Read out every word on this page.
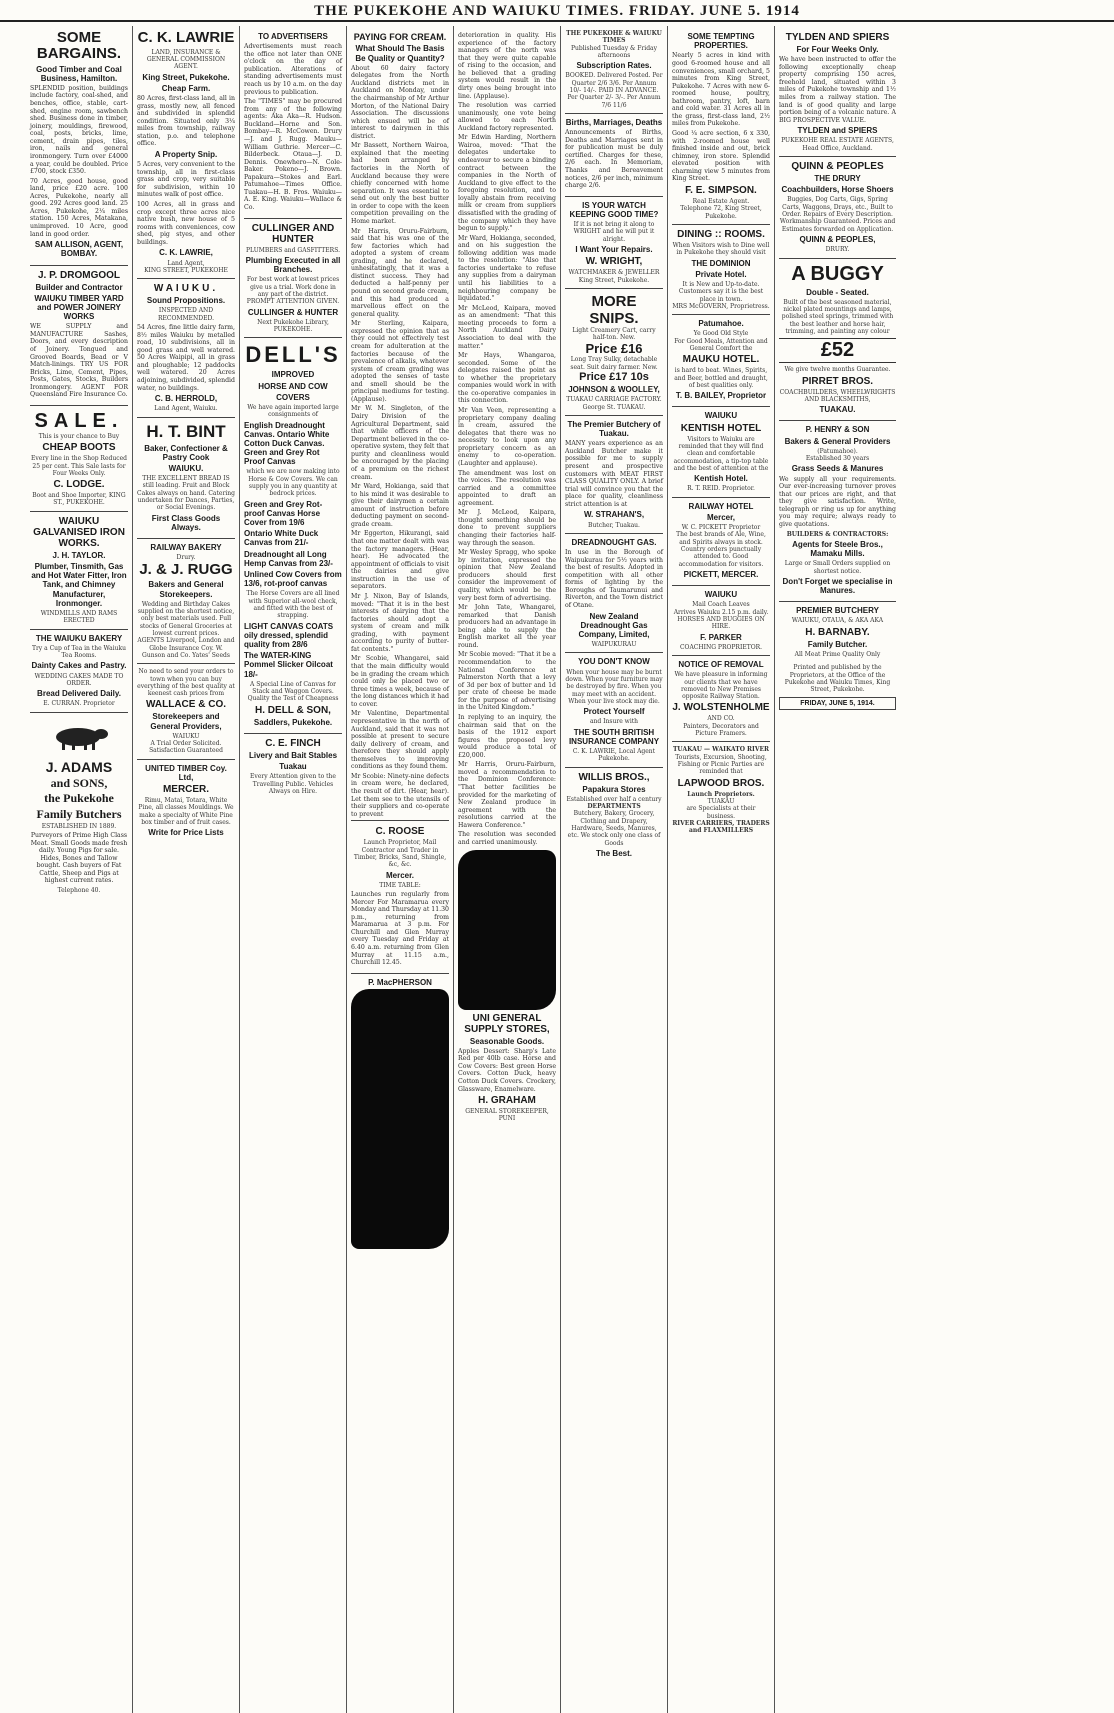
THE PUKEKOHE AND WAIUKU TIMES. FRIDAY. JUNE 5. 1914
SOME BARGAINS.
Good Timber and Coal Business, Hamilton.
SPLENDID position, buildings include factory, coal-shed, and benches, office, stable, cart-shed, engine room, sawbench shed. Business done in timber, joinery, mouldings, firewood, coal, posts, bricks, lime, cement, drain pipes, tiles, iron, nails and general ironmongery. Turn over £4000 a year, could be doubled. Price £700, stock £350.
70 Acres, good house, good land, price £20 acre. 100 Acres, Pukekohe, nearly all good. 292 Acres good land. 25 Acres, Pukekohe, 2¼ miles station. 150 Acres, Matakana, unimproved. 10 Acre, good land in good order.
SAM ALLISON, AGENT, BOMBAY.
J. P. DROMGOOL
Builder and Contractor
WAIUKU TIMBER YARD and POWER JOINERY WORKS
WE SUPPLY and MANUFACTURE Sashes, Doors, and every description of Joinery. Tongued and Grooved Boards, Bead or V Match-linings. TRY US FOR Bricks, Lime, Cement, Pipes, Posts, Gates, Stocks, Builders Ironmongery. AGENT FOR Queensland Fire Insurance Co.
SALE.
This is your chance to Buy
CHEAP BOOTS
Every line in the Shop Reduced 25 per cent. This Sale lasts for Four Weeks Only.
C. LODGE.
Boot and Shoe Importer, KING ST., PUKEKOHE.
WAIUKU GALVANISED IRON WORKS.
J. H. TAYLOR.
Plumber, Tinsmith, Gas and Hot Water Fitter, Iron Tank, and Chimney Manufacturer, Ironmonger.
WINDMILLS AND RAMS ERECTED
THE WAIUKU BAKERY
Try a Cup of Tea in the Waiuku Tea Rooms.
Dainty Cakes and Pastry.
WEDDING CAKES MADE TO ORDER.
Bread Delivered Daily.
E. CURRAN. Proprietor
J. ADAMS
and SONS,
the Pukekohe
Family Butchers
ESTABLISHED IN 1889.
Purveyors of Prime High Class Meat. Small Goods made fresh daily. Young Pigs for sale. Hides, Bones and Tallow bought. Cash buyers of Fat Cattle, Sheep and Pigs at highest current rates.
Telephone 40.
C. K. LAWRIE
LAND, INSURANCE & GENERAL COMMISSION AGENT.
King Street, Pukekohe.
Cheap Farm.
80 Acres, first-class land, all in grass, mostly new, all fenced and subdivided in splendid condition. Situated only 3¼ miles from township, railway station, p.o. and telephone office.
A Property Snip.
5 Acres, very convenient to the township, all in first-class grass and crop, very suitable for subdivision, within 10 minutes walk of post office.
100 Acres, all in grass and crop except three acres nice native bush, new house of 5 rooms with conveniences, cow shed, pig styes, and other buildings.
C. K. LAWRIE,
Land Agent,
KING STREET, PUKEKOHE
WAIUKU.
Sound Propositions.
INSPECTED AND RECOMMENDED.
54 Acres, fine little dairy farm, 8½ miles Waiuku by metalled road, 10 subdivisions, all in good grass and well watered. 50 Acres Waipipi, all in grass and ploughable; 12 paddocks well watered. 20 Acres adjoining, subdivided, splendid water, no buildings.
C. B. HERROLD,
Land Agent, Waiuku.
H. T. BINT
Baker, Confectioner & Pastry Cook
WAIUKU.
THE EXCELLENT BREAD IS still leading. Fruit and Block Cakes always on hand. Catering undertaken for Dances, Parties, or Social Evenings.
First Class Goods Always.
RAILWAY BAKERY
Drury.
J. & J. RUGG
Bakers and General Storekeepers.
Wedding and Birthday Cakes supplied on the shortest notice, only best materials used. Full stocks of General Groceries at lowest current prices.
AGENTS Liverpool, London and Globe Insurance Coy. W. Gunson and Co. Yates' Seeds
No need to send your orders to town when you can buy everything of the best quality at keenest cash prices from
WALLACE & CO.
Storekeepers and General Providers,
WAIUKU
A Trial Order Solicited. Satisfaction Guaranteed
UNITED TIMBER Coy. Ltd,
MERCER.
Rimu, Matai, Totara, White Pine, all classes Mouldings. We make a specialty of White Pine box timber and of fruit cases.
Write for Price Lists
TO ADVERTISERS
Advertisements must reach the office not later than ONE o'clock on the day of publication. Alterations of standing advertisements must reach us by 10 a.m. on the day previous to publication.
The "TIMES" may be procured from any of the following agents: Aka Aka—R. Hudson. Buckland—Horne and Son. Bombay—R. McCowen. Drury—J. and J. Rugg. Mauku—William Guthrie. Mercer—C. Bilderbeck. Otaua—J. D. Dennis. Onewhero—N. Cole-Baker. Pokeno—J. Brown. Papakura—Stokes and Earl. Patumahoe—Times Office. Tuakau—H. B. Fros. Waiuku—A. E. King. Waiuku—Wallace & Co.
CULLINGER AND HUNTER
PLUMBERS and GASFITTERS.
Plumbing Executed in all Branches.
For best work at lowest prices give us a trial. Work done in any part of the district.
PROMPT ATTENTION GIVEN.
CULLINGER & HUNTER
Next Pukekohe Library, PUKEKOHE.
DELL'S
IMPROVED
HORSE AND COW
COVERS
We have again imported large consignments of
English Dreadnought Canvas. Ontario White Cotton Duck Canvas. Green and Grey Rot Proof Canvas
which we are now making into Horse & Cow Covers. We can supply you in any quantity at bedrock prices.
Green and Grey Rot-proof Canvas Horse Cover from 19/6
Ontario White Duck Canvas from 21/-
Dreadnought all Long Hemp Canvas from 23/-
Unlined Cow Covers from 13/6, rot-proof canvas
The Horse Covers are all lined with Superior all-wool check, and fitted with the best of strapping.
LIGHT CANVAS COATS oily dressed, splendid quality from 28/6
The WATER-KING Pommel Slicker Oilcoat 18/-
A Special Line of Canvas for Stack and Waggon Covers. Quality the Test of Cheapness
H. DELL & SON,
Saddlers, Pukekohe.
C. E. FINCH
Livery and Bait Stables
Tuakau
Every Attention given to the Travelling Public. Vehicles Always on Hire.
PAYING FOR CREAM.
What Should The Basis Be Quality or Quantity?
About 60 dairy factory delegates from the North Auckland districts met in Auckland on Monday, under the chairmanship of Mr Arthur Morton, of the National Dairy Association. The discussions which ensued will be of interest to dairymen in this district.
Mr Bassett, Northern Wairoa, explained that the meeting had been arranged by factories in the North of Auckland because they were chiefly concerned with home separation. It was essential to send out only the best butter in order to cope with the keen competition prevailing on the Home market.
Mr Harris, Oruru-Fairburn, said that his was one of the few factories which had adopted a system of cream grading, and he declared, unhesitatingly, that it was a distinct success. They had deducted a half-penny per pound on second grade cream, and this had produced a marvellous effect on the general quality.
Mr Sterling, Kaipara, expressed the opinion that as they could not effectively test cream for adulteration at the factories because of the prevalence of alkalis, whatever system of cream grading was adopted the senses of taste and smell should be the principal mediums for testing. (Applause).
Mr W. M. Singleton, of the Dairy Division of the Agricultural Department, said that while officers of the Department believed in the co-operative system, they felt that purity and cleanliness would be encouraged by the placing of a premium on the richest cream.
Mr Ward, Hokianga, said that to his mind it was desirable to give their dairymen a certain amount of instruction before deducting payment on second-grade cream.
Mr Eggerton, Hikurangi, said that one matter dealt with was the factory managers. (Hear, hear). He advocated the appointment of officials to visit the dairies and give instruction in the use of separators.
Mr J. Nixon, Bay of Islands, moved: "That it is in the best interests of dairying that the factories should adopt a system of cream and milk grading, with payment according to purity of butter-fat contents."
Mr Scobie, Whangarei, said that the main difficulty would be in grading the cream which could only be placed two or three times a week, because of the long distances which it had to cover.
Mr Valentine, Departmental representative in the north of Auckland, said that it was not possible at present to secure daily delivery of cream, and therefore they should apply themselves to improving conditions as they found them.
Mr Scobie: Ninety-nine defects in cream were, he declared, the result of dirt. (Hear, hear). Let them see to the utensils of their suppliers and co-operate to prevent
C. ROOSE
Launch Proprietor, Mail Contractor and Trader in Timber, Bricks, Sand, Shingle, &c, &c.
Mercer.
TIME TABLE:
Launches run regularly from Mercer For Maramarua every Monday and Thursday at 11.30 p.m., returning from Maramarua at 3 p.m. For Churchill and Glen Murray every Tuesday and Friday at 6.40 a.m. returning from Glen Murray at 11.15 a.m., Churchill 12.45.
P. MacPHERSON
deterioration in quality. His experience of the factory managers of the north was that they were quite capable of rising to the occasion, and he believed that a grading system would result in the dirty ones being brought into line. (Applause).
The resolution was carried unanimously, one vote being allowed to each North Auckland factory represented.
Mr Edwin Harding, Northern Wairoa, moved: "That the delegates undertake to endeavour to secure a binding contract between the companies in the North of Auckland to give effect to the foregoing resolution, and to loyally abstain from receiving milk or cream from suppliers dissatisfied with the grading of the company which they have begun to supply."
Mr Ward, Hokianga, seconded, and on his suggestion the following addition was made to the resolution: "Also that factories undertake to refuse any supplies from a dairyman until his liabilities to a neighbouring company be liquidated."
Mr McLeod, Kaipara, moved as an amendment: "That this meeting proceeds to form a North Auckland Dairy Association to deal with the matter."
Mr Hays, Whangaroa, seconded. Some of the delegates raised the point as to whether the proprietary companies would work in with the co-operative companies in this connection.
Mr Van Veen, representing a proprietary company dealing in cream, assured the delegates that there was no necessity to look upon any proprietary concern as an enemy to co-operation. (Laughter and applause).
The amendment was lost on the voices. The resolution was carried and a committee appointed to draft an agreement.
Mr J. McLeod, Kaipara, thought something should be done to prevent suppliers changing their factories half-way through the season.
Mr Wesley Spragg, who spoke by invitation, expressed the opinion that New Zealand producers should first consider the improvement of quality, which would be the very best form of advertising.
Mr John Tate, Whangarei, remarked that Danish producers had an advantage in being able to supply the English market all the year round.
Mr Scobie moved: "That it be a recommendation to the National Conference at Palmerston North that a levy of 3d per box of butter and 1d per crate of cheese be made for the purpose of advertising in the United Kingdom."
In replying to an inquiry, the chairman said that on the basis of the 1912 export figures the proposed levy would produce a total of £20,000.
Mr Harris, Oruru-Fairburn, moved a recommendation to the Dominion Conference: "That better facilities be provided for the marketing of New Zealand produce in agreement with the resolutions carried at the Hawera Conference."
The resolution was seconded and carried unanimously.
UNI GENERAL SUPPLY STORES,
Seasonable Goods.
Apples Dessert: Sharp's Late Red per 40lb case. Horse and Cow Covers: Best green Horse Covers. Cotton Duck, heavy Cotton Duck Covers. Crockery, Glassware, Enamelware.
H. GRAHAM
GENERAL STOREKEEPER, PUNI
THE PUKEKOHE & WAIUKU TIMES
Published Tuesday & Friday afternoons
Subscription Rates.
BOOKED. Delivered Posted. Per Quarter 2/6 3/6. Per Annum 10/- 14/-. PAID IN ADVANCE. Per Quarter 2/- 3/-. Per Annum 7/6 11/6
Births, Marriages, Deaths
Announcements of Births, Deaths and Marriages sent in for publication must be duly certified. Charges for these, 2/6 each. In Memoriam, Thanks and Bereavement notices, 2/6 per inch, minimum charge 2/6.
IS YOUR WATCH KEEPING GOOD TIME?
If it is not bring it along to WRIGHT and he will put it alright.
I Want Your Repairs.
W. WRIGHT,
WATCHMAKER & JEWELLER
King Street, Pukekohe.
MORE SNIPS.
Light Creamery Cart, carry half-ton. New.
Price £16
Long Tray Sulky, detachable seat. Suit dairy farmer. New.
Price £17 10s
JOHNSON & WOOLLEY,
TUAKAU CARRIAGE FACTORY.
George St. TUAKAU.
The Premier Butchery of Tuakau.
MANY years experience as an Auckland Butcher make it possible for me to supply present and prospective customers with MEAT FIRST CLASS QUALITY ONLY. A brief trial will convince you that the place for quality, cleanliness strict attention is at
W. STRAHAN'S,
Butcher, Tuakau.
DREADNOUGHT GAS.
In use in the Borough of Waipukurau for 5½ years with the best of results. Adopted in competition with all other forms of lighting by the Boroughs of Taumarunui and Riverton, and the Town district of Otane.
New Zealand Dreadnought Gas Company, Limited,
WAIPUKURAU
YOU DON'T KNOW
When your house may be burnt down. When your furniture may be destroyed by fire. When you may meet with an accident. When your live stock may die.
Protect Yourself
and Insure with
THE SOUTH BRITISH INSURANCE COMPANY
C. K. LAWRIE, Local Agent Pukekohe.
WILLIS BROS.,
Papakura Stores
Established over half a century
DEPARTMENTS
Butchery, Bakery, Grocery, Clothing and Drapery, Hardware, Seeds, Manures, etc. We stock only one class of Goods
The Best.
SOME TEMPTING PROPERTIES.
Nearly 5 acres in kind with good 6-roomed house and all conveniences, small orchard, 5 minutes from King Street, Pukekohe. 7 Acres with new 6-roomed house, poultry, bathroom, pantry, loft, barn and cold water. 31 Acres all in the grass, first-class land, 2½ miles from Pukekohe.
Good ¼ acre section, 6 x 330, with 2-roomed house well finished inside and out, brick chimney, iron store. Splendid elevated position with charming view 5 minutes from King Street.
F. E. SIMPSON.
Real Estate Agent.
Telephone 72, King Street, Pukekohe.
DINING :: ROOMS.
When Visitors wish to Dine well in Pukekohe they should visit
THE DOMINION
Private Hotel.
It is New and Up-to-date. Customers say it is the best place in town.
MRS McGOVERN, Proprietress.
Patumahoe.
Ye Good Old Style
For Good Meals, Attention and General Comfort the
MAUKU HOTEL.
is hard to beat. Wines, Spirits, and Beer, bottled and draught, of best qualities only.
T. B. BAILEY, Proprietor
WAIUKU
KENTISH HOTEL
Visitors to Waiuku are reminded that they will find clean and comfortable accommodation, a tip-top table and the best of attention at the
Kentish Hotel.
R. T. REID. Proprietor.
RAILWAY HOTEL
Mercer,
W. C. PICKETT Proprietor
The best brands of Ale, Wine, and Spirits always in stock. Country orders punctually attended to. Good accommodation for visitors.
PICKETT, MERCER.
WAIUKU
Mail Coach Leaves
Arrives Waiuku 2.15 p.m. daily. HORSES AND BUGGIES ON HIRE.
F. PARKER
COACHING PROPRIETOR.
NOTICE OF REMOVAL
We have pleasure in informing our clients that we have removed to New Premises opposite Railway Station.
J. WOLSTENHOLME
AND CO.
Painters, Decorators and Picture Framers.
TUAKAU — WAIKATO RIVER
Tourists, Excursion, Shooting, Fishing or Picnic Parties are reminded that
LAPWOOD BROS.
Launch Proprietors.
TUAKAU
are Specialists at their business.
RIVER CARRIERS, TRADERS and FLAXMILLERS
TYLDEN AND SPIERS
For Four Weeks Only.
We have been instructed to offer the following exceptionally cheap property comprising 150 acres, freehold land, situated within 3 miles of Pukekohe township and 1½ miles from a railway station. The land is of good quality and large portion being of a volcanic nature. A BIG PROSPECTIVE VALUE.
TYLDEN and SPIERS
PUKEKOHE REAL ESTATE AGENTS,
Head Office, Auckland.
QUINN & PEOPLES
THE DRURY
Coachbuilders, Horse Shoers
Buggies, Dog Carts, Gigs, Spring Carts, Waggons, Drays, etc., Built to Order. Repairs of Every Description. Workmanship Guaranteed. Prices and Estimates forwarded on Application.
QUINN & PEOPLES,
DRURY.
A BUGGY
Double - Seated.
Built of the best seasoned material, nickel plated mountings and lamps, polished steel springs, trimmed with the best leather and horse hair, trimming, and painting any colour
£52
We give twelve months Guarantee.
PIRRET BROS.
COACHBUILDERS, WHEELWRIGHTS AND BLACKSMITHS,
TUAKAU.
P. HENRY & SON
Bakers & General Providers
(Patumahoe).
Established 30 years
Grass Seeds & Manures
We supply all your requirements. Our ever-increasing turnover proves that our prices are right, and that they give satisfaction. Write, telegraph or ring us up for anything you may require; always ready to give quotations.
BUILDERS & CONTRACTORS:
Agents for Steele Bros., Mamaku Mills.
Large or Small Orders supplied on shortest notice.
Don't Forget we specialise in Manures.
PREMIER BUTCHERY
WAIUKU, OTAUA, & AKA AKA
H. BARNABY.
Family Butcher.
All Meat Prime Quality Only
Printed and published by the Proprietors, at the Office of the Pukekohe and Waiuku Times, King Street, Pukekohe.
FRIDAY, JUNE 5, 1914.
